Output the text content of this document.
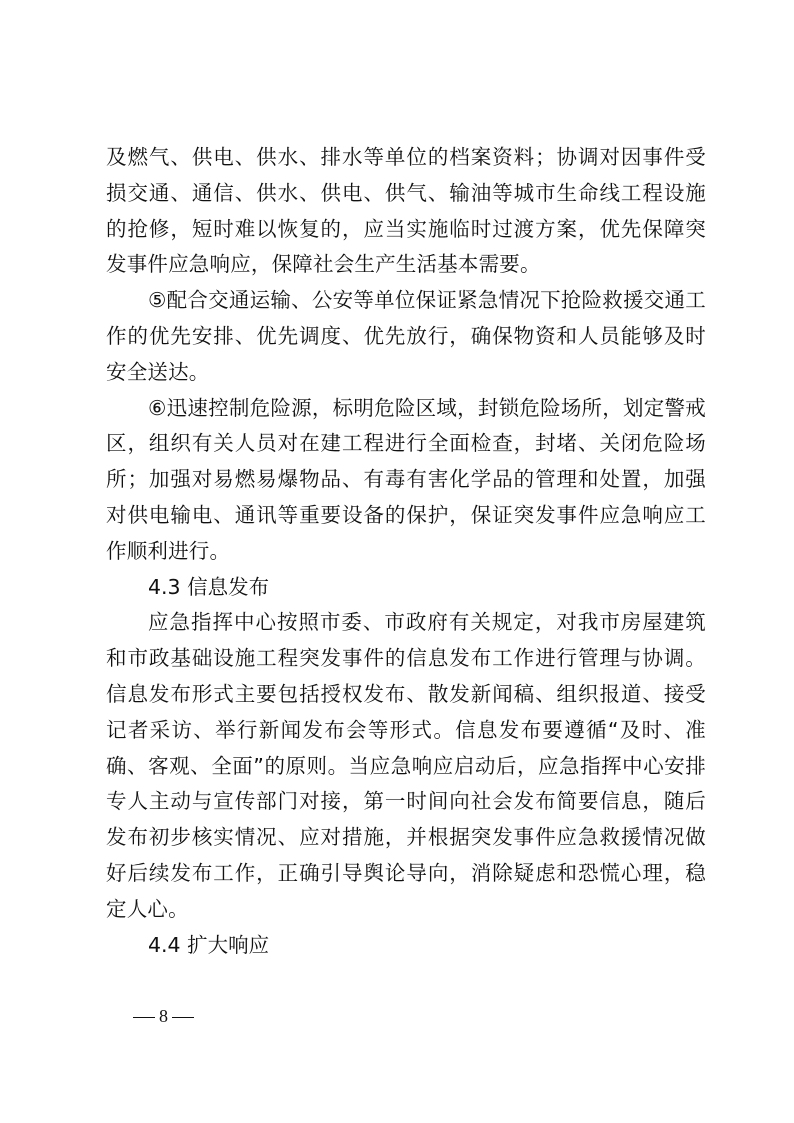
及燃气、供电、供水、排水等单位的档案资料；协调对因事件受损交通、通信、供水、供电、供气、输油等城市生命线工程设施的抢修，短时难以恢复的，应当实施临时过渡方案，优先保障突发事件应急响应，保障社会生产生活基本需要。

⑤配合交通运输、公安等单位保证紧急情况下抢险救援交通工作的优先安排、优先调度、优先放行，确保物资和人员能够及时安全送达。

⑥迅速控制危险源，标明危险区域，封锁危险场所，划定警戒区，组织有关人员对在建工程进行全面检查，封堵、关闭危险场所；加强对易燃易爆物品、有毒有害化学品的管理和处置，加强对供电输电、通讯等重要设备的保护，保证突发事件应急响应工作顺利进行。

4.3 信息发布

应急指挥中心按照市委、市政府有关规定，对我市房屋建筑和市政基础设施工程突发事件的信息发布工作进行管理与协调。信息发布形式主要包括授权发布、散发新闻稿、组织报道、接受记者采访、举行新闻发布会等形式。信息发布要遵循“及时、准确、客观、全面”的原则。当应急响应启动后，应急指挥中心安排专人主动与宣传部门对接，第一时间向社会发布简要信息，随后发布初步核实情况、应对措施，并根据突发事件应急救援情况做好后续发布工作，正确引导舆论导向，消除疑虑和恐慌心理，稳定人心。

4.4 扩大响应

8
